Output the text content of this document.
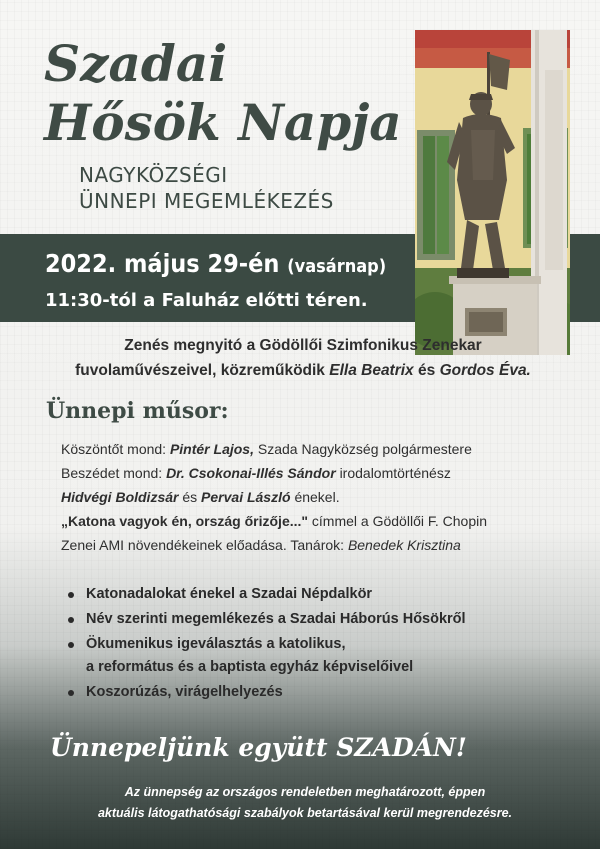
Szadai
Hősök Napja
NAGYKÖZSÉGI
ÜNNEPI MEGEMLÉKEZÉS
2022. május 29-én (vasárnap)
11:30-tól a Faluház előtti téren.
Zenés megnyitó a Gödöllői Szimfonikus Zenekar
fuvolaművészeivel, közreműködik Ella Beatrix és Gordos Éva.
Ünnepi műsor:
Köszöntőt mond: Pintér Lajos, Szada Nagyközség polgármestere
Beszédet mond: Dr. Csokonai-Illés Sándor irodalomtörténész
Hidvégi Boldizsár és Pervai László énekel.
„Katona vagyok én, ország őrizője..." címmel a Gödöllői F. Chopin
Zenei AMI növendékeinek előadása. Tanárok: Benedek Krisztina
Katonadalokat énekel a Szadai Népdalkör
Név szerinti megemlékezés a Szadai Háborús Hősökről
Ökumenikus igeválasztás a katolikus,
a református és a baptista egyház képviselőivel
Koszorúzás, virágelhelyezés
Ünnepeljünk együtt SZADÁN!
Az ünnepség az országos rendeletben meghatározott, éppen
aktuális látogathatósági szabályok betartásával kerül megrendezésre.
